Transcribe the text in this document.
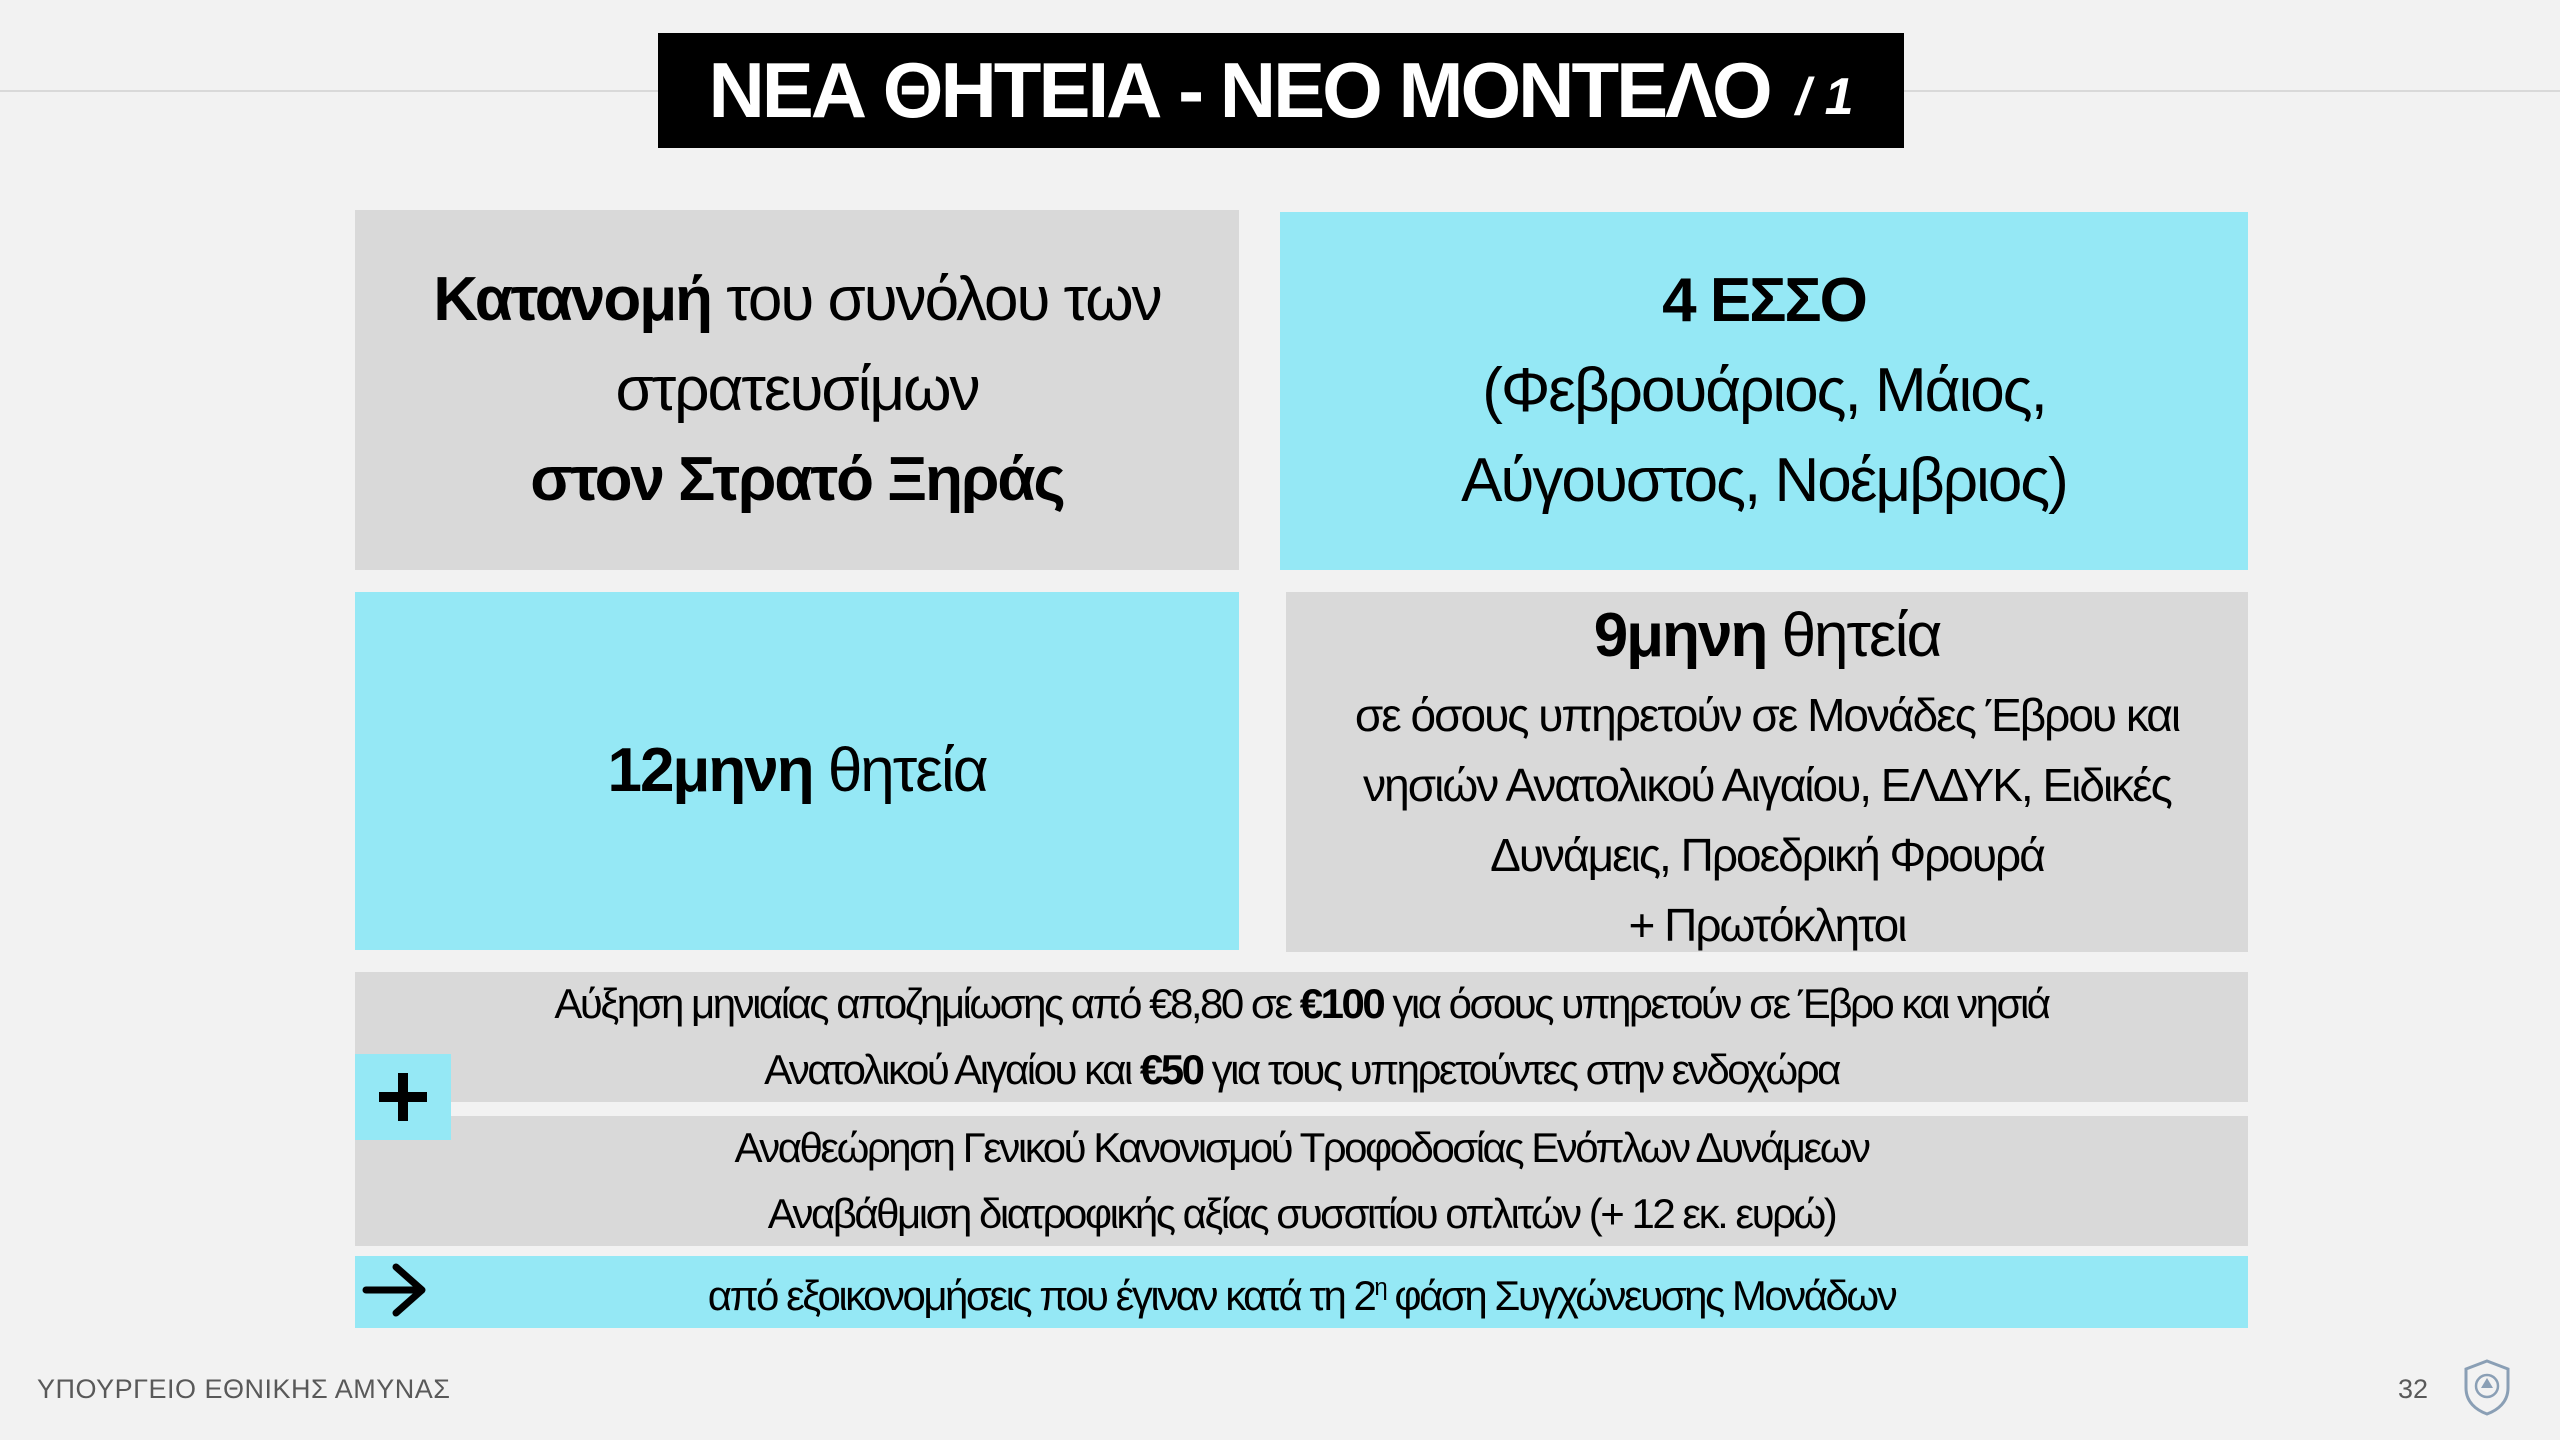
ΝΕΑ ΘΗΤΕΙΑ - ΝΕΟ ΜΟΝΤΕΛΟ / 1
Κατανομή του συνόλου των
στρατευσίμων
στον Στρατό Ξηράς
4 ΕΣΣΟ
(Φεβρουάριος, Μάιος,
Αύγουστος, Νοέμβριος)
12μηνη θητεία
9μηνη θητεία
σε όσους υπηρετούν σε Μονάδες Έβρου και
νησιών Ανατολικού Αιγαίου, ΕΛΔΥΚ, Ειδικές
Δυνάμεις, Προεδρική Φρουρά
+ Πρωτόκλητοι
Αύξηση μηνιαίας αποζημίωσης από €8,80 σε €100 για όσους υπηρετούν σε Έβρο και νησιά
Ανατολικού Αιγαίου και €50 για τους υπηρετούντες στην ενδοχώρα
Αναθεώρηση Γενικού Κανονισμού Τροφοδοσίας Ενόπλων Δυνάμεων
Αναβάθμιση διατροφικής αξίας συσσιτίου οπλιτών (+ 12 εκ. ευρώ)
από εξοικονομήσεις που έγιναν κατά τη $2^\eta$ φάση Συγχώνευσης Μονάδων
ΥΠΟΥΡΓΕΙΟ ΕΘΝΙΚΗΣ ΑΜΥΝΑΣ	32
